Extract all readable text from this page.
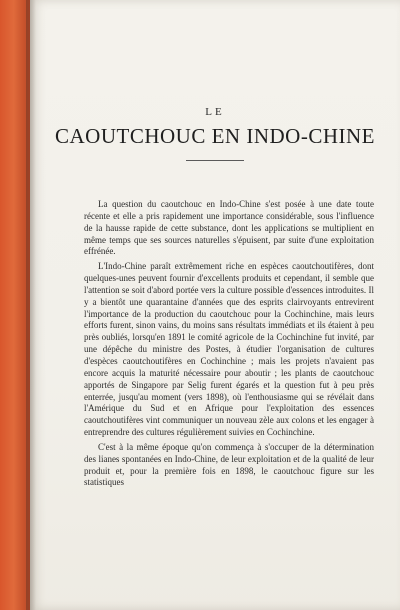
LE
CAOUTCHOUC EN INDO-CHINE

La question du caoutchouc en Indo-Chine s'est posée à une date toute récente et elle a pris rapidement une importance considérable, sous l'influence de la hausse rapide de cette substance, dont les applications se multiplient en même temps que ses sources naturelles s'épuisent, par suite d'une exploitation effrénée.

L'Indo-Chine paraît extrêmement riche en espèces caoutchoutifères, dont quelques-unes peuvent fournir d'excellents produits et cependant, il semble que l'attention se soit d'abord portée vers la culture possible d'essences introduites. Il y a bientôt une quarantaine d'années que des esprits clairvoyants entrevirent l'importance de la production du caoutchouc pour la Cochinchine, mais leurs efforts furent, sinon vains, du moins sans résultats immédiats et ils étaient à peu près oubliés, lorsqu'en 1891 le comité agricole de la Cochinchine fut invité, par une dépêche du ministre des Postes, à étudier l'organisation de cultures d'espèces caoutchoutifères en Cochinchine ; mais les projets n'avaient pas encore acquis la maturité nécessaire pour aboutir ; les plants de caoutchouc apportés de Singapore par Selig furent égarés et la question fut à peu près enterrée, jusqu'au moment (vers 1898), où l'enthousiasme qui se révélait dans l'Amérique du Sud et en Afrique pour l'exploitation des essences caoutchoutifères vint communiquer un nouveau zèle aux colons et les engager à entreprendre des cultures régulièrement suivies en Cochinchine.

C'est à la même époque qu'on commença à s'occuper de la détermination des lianes spontanées en Indo-Chine, de leur exploitation et de la qualité de leur produit et, pour la première fois en 1898, le caoutchouc figure sur les statistiques
